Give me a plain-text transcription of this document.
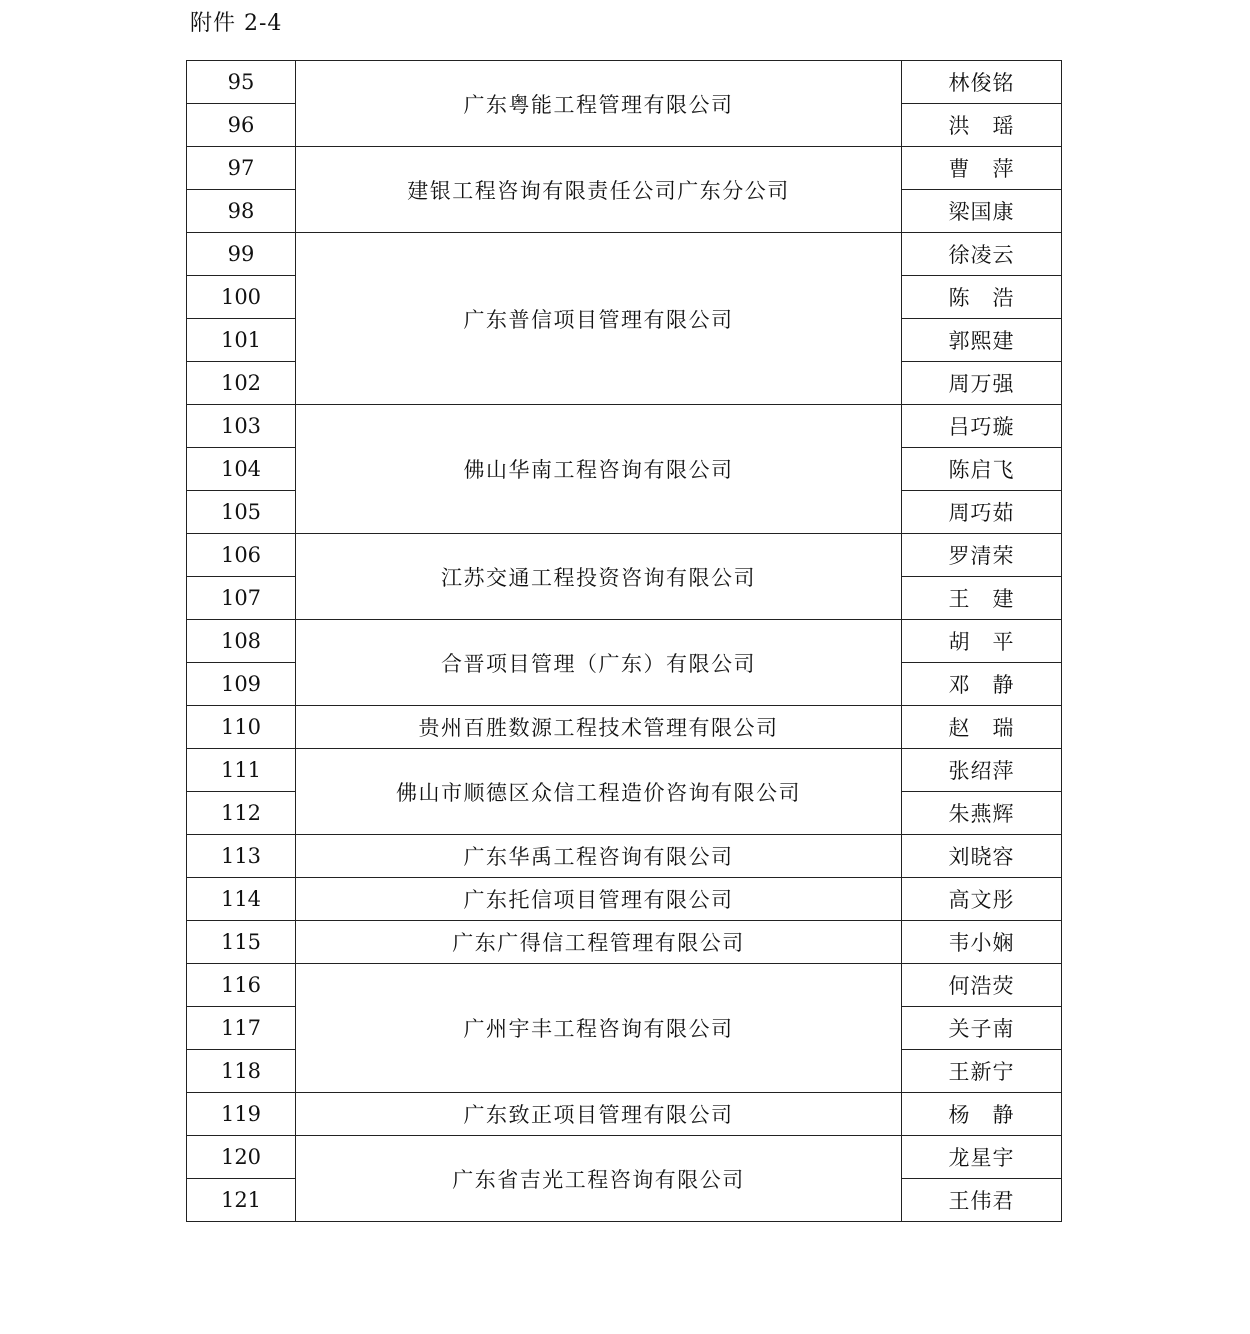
附件 2-4
95	广东粤能工程管理有限公司	林俊铭
96		洪　瑶
97	建银工程咨询有限责任公司广东分公司	曹　萍
98		梁国康
99	广东普信项目管理有限公司	徐凌云
100		陈　浩
101		郭熙建
102		周万强
103	佛山华南工程咨询有限公司	吕巧璇
104		陈启飞
105		周巧茹
106	江苏交通工程投资咨询有限公司	罗清荣
107		王　建
108	合晋项目管理（广东）有限公司	胡　平
109		邓　静
110	贵州百胜数源工程技术管理有限公司	赵　瑞
111	佛山市顺德区众信工程造价咨询有限公司	张绍萍
112		朱燕辉
113	广东华禹工程咨询有限公司	刘晓容
114	广东托信项目管理有限公司	高文彤
115	广东广得信工程管理有限公司	韦小娴
116	广州宇丰工程咨询有限公司	何浩荧
117		关子南
118		王新宁
119	广东致正项目管理有限公司	杨　静
120	广东省吉光工程咨询有限公司	龙星宇
121		王伟君
